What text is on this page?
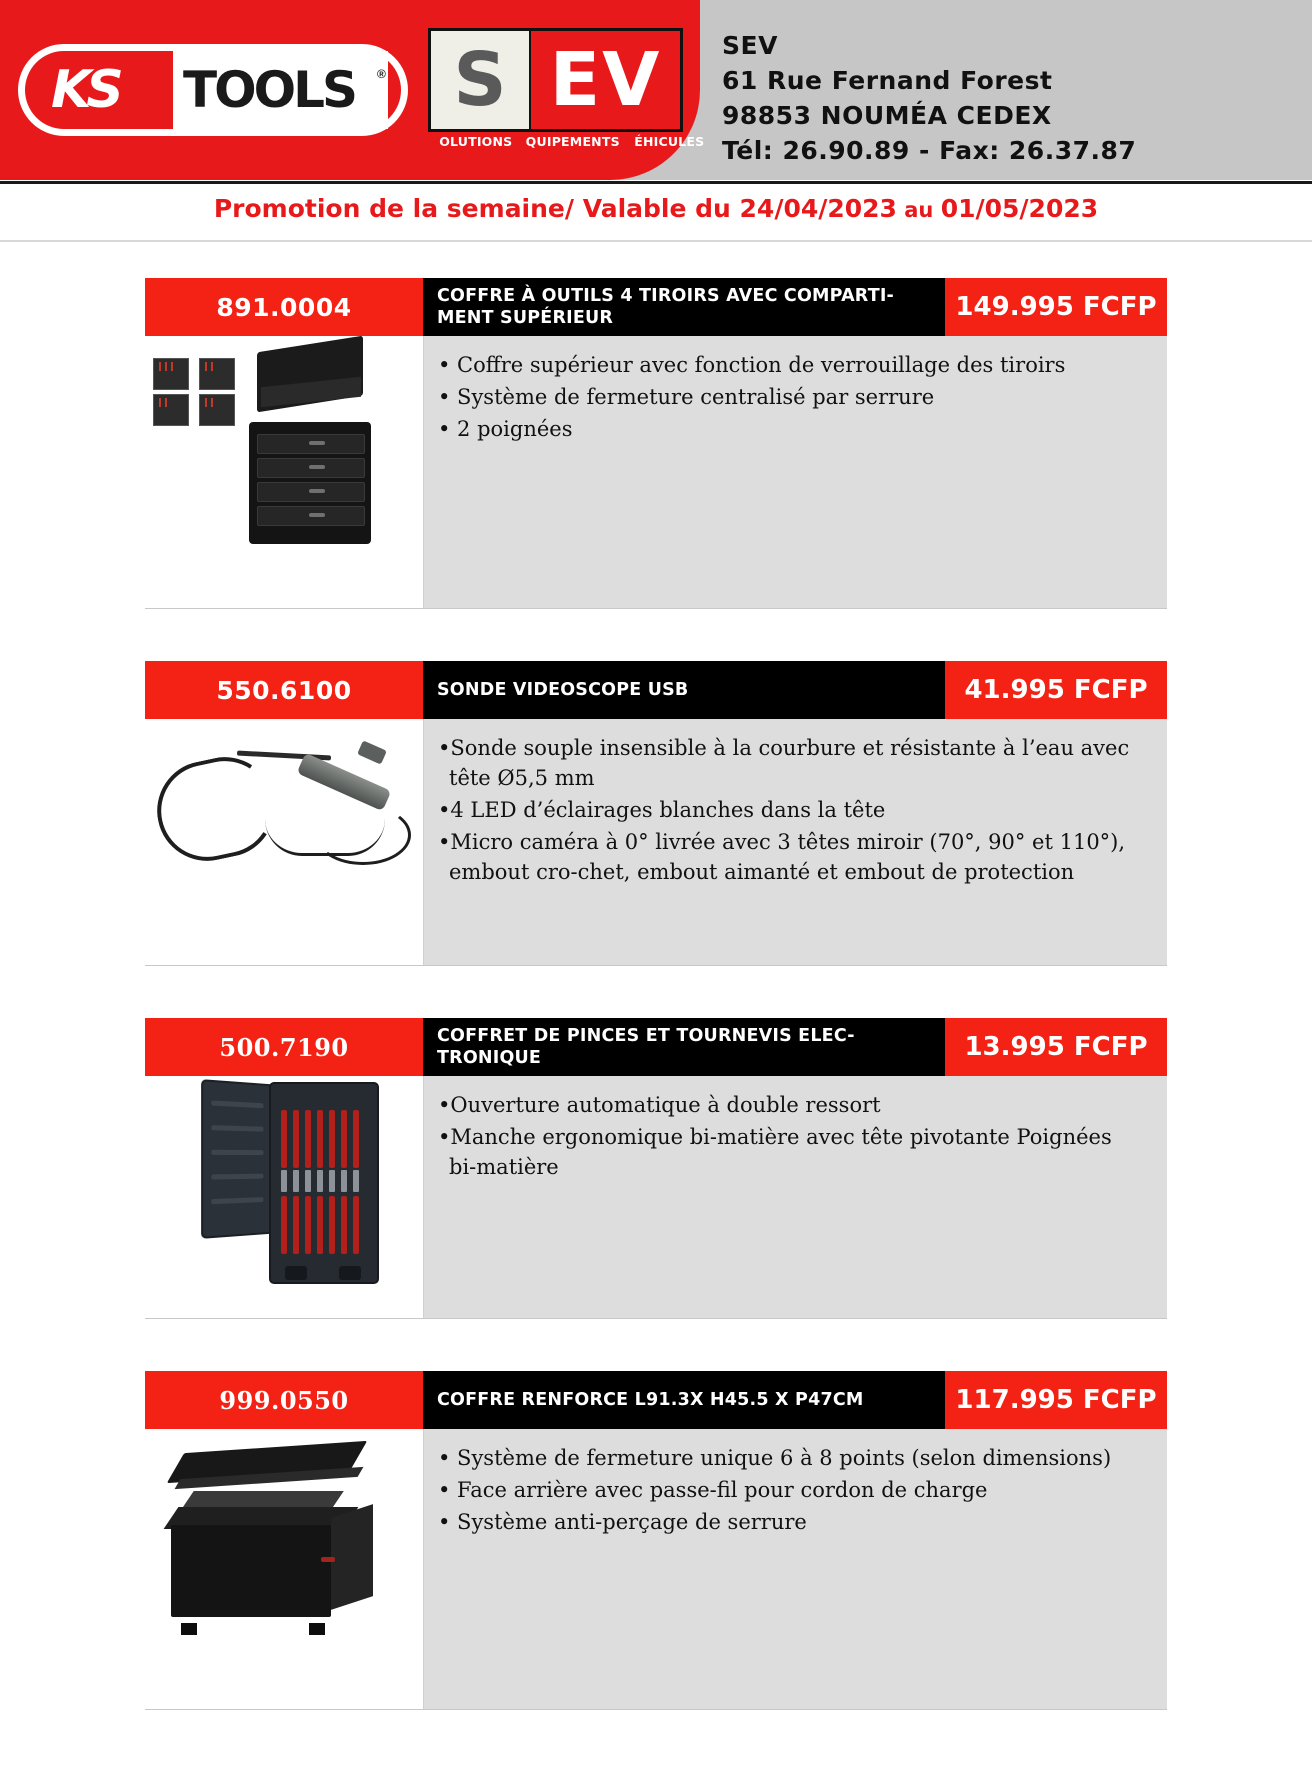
KS TOOLS ® S EV
SOLUTIONS EQUIPEMENTS VÉHICULES
SEV
61 Rue Fernand Forest
98853 NOUMÉA CEDEX
Tél: 26.90.89 - Fax: 26.37.87
Promotion de la semaine/ Valable du 24/04/2023 au 01/05/2023
891.0004	COFFRE À OUTILS 4 TIROIRS AVEC COMPARTI-MENT SUPÉRIEUR	149.995 FCFP

• Coffre supérieur avec fonction de verrouillage des tiroirs

• Système de fermeture centralisé par serrure

• 2 poignées

550.6100	SONDE VIDEOSCOPE USB	41.995 FCFP

•Sonde souple insensible à la courbure et résistante à l’eau avec tête Ø5,5 mm

•4 LED d’éclairages blanches dans la tête

•Micro caméra à 0° livrée avec 3 têtes miroir (70°, 90° et 110°), embout cro-chet, embout aimanté et embout de protection

500.7190	COFFRET DE PINCES ET TOURNEVIS ELEC-TRONIQUE	13.995 FCFP

•Ouverture automatique à double ressort

•Manche ergonomique bi-matière avec tête pivotante Poignées bi-matière

999.0550	COFFRE RENFORCE L91.3X H45.5 X P47CM	117.995 FCFP

• Système de fermeture unique 6 à 8 points (selon dimensions)

• Face arrière avec passe-fil pour cordon de charge

• Système anti-perçage de serrure
